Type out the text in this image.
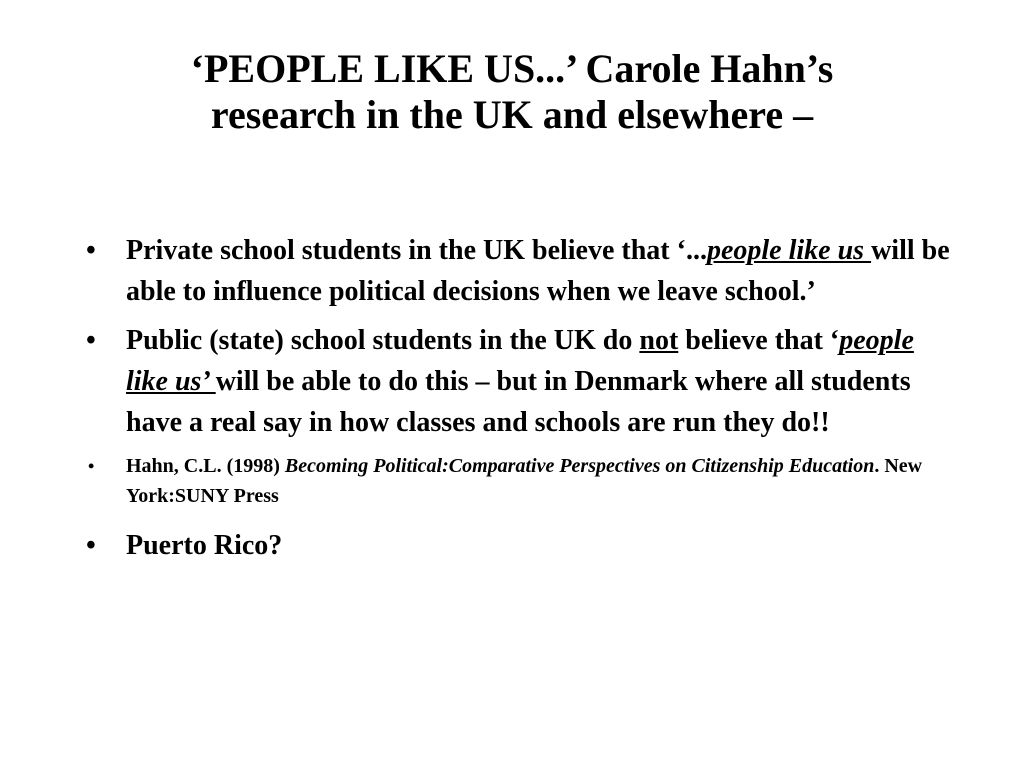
‘PEOPLE LIKE US...’ Carole Hahn’s
research in the UK and elsewhere –
• Private school students in the UK believe that ‘...people like us will be able to influence political decisions when we leave school.’
• Public (state) school students in the UK do not believe that ‘people like us’ will be able to do this – but in Denmark where all students have a real say in how classes and schools are run they do!!
• Hahn, C.L. (1998) Becoming Political:Comparative Perspectives on Citizenship Education. New York:SUNY Press
• Puerto Rico?
